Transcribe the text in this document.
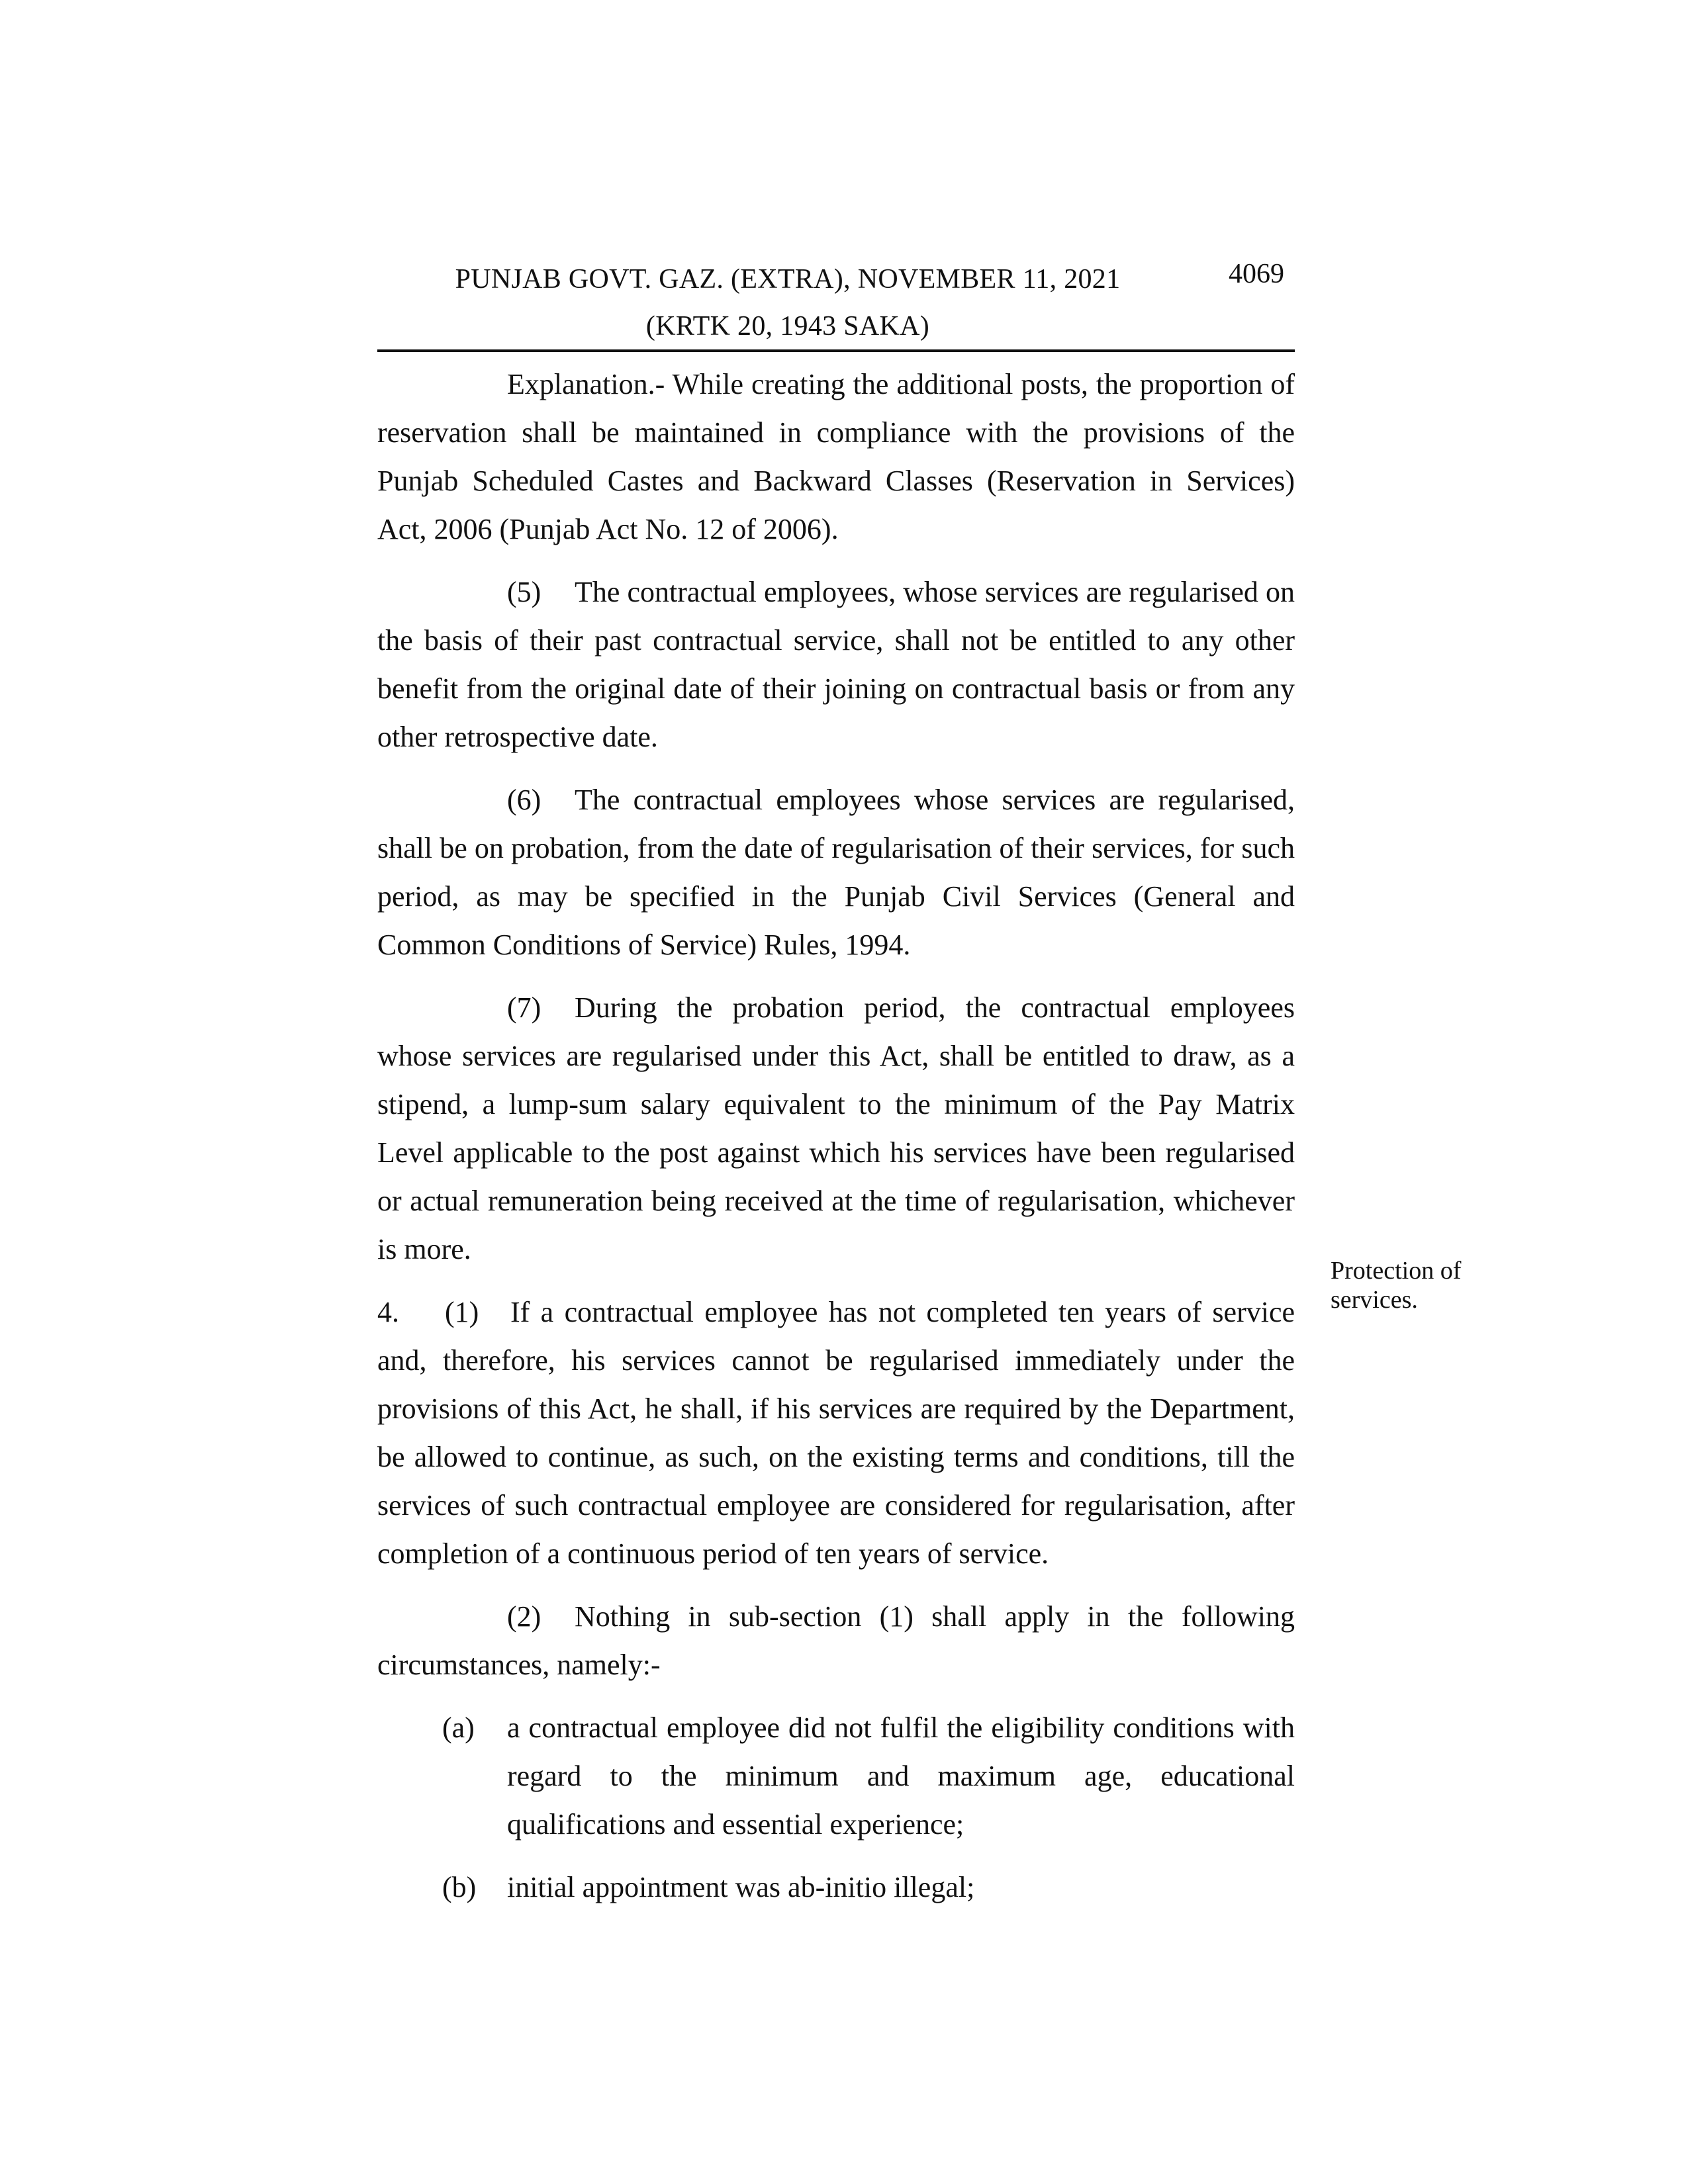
PUNJAB GOVT. GAZ. (EXTRA), NOVEMBER 11, 2021	4069
(KRTK 20, 1943 SAKA)

Explanation.- While creating the additional posts, the proportion of reservation shall be maintained in compliance with the provisions of the Punjab Scheduled Castes and Backward Classes (Reservation in Services) Act, 2006 (Punjab Act No. 12 of 2006).

(5) The contractual employees, whose services are regularised on the basis of their past contractual service, shall not be entitled to any other benefit from the original date of their joining on contractual basis or from any other retrospective date.

(6) The contractual employees whose services are regularised, shall be on probation, from the date of regularisation of their services, for such period, as may be specified in the Punjab Civil Services (General and Common Conditions of Service) Rules, 1994.

(7) During the probation period, the contractual employees whose services are regularised under this Act, shall be entitled to draw, as a stipend, a lump-sum salary equivalent to the minimum of the Pay Matrix Level applicable to the post against which his services have been regularised or actual remuneration being received at the time of regularisation, whichever is more.

4. (1) If a contractual employee has not completed ten years of service and, therefore, his services cannot be regularised immediately under the provisions of this Act, he shall, if his services are required by the Department, be allowed to continue, as such, on the existing terms and conditions, till the services of such contractual employee are considered for regularisation, after completion of a continuous period of ten years of service.

(2) Nothing in sub-section (1) shall apply in the following circumstances, namely:-

(a) a contractual employee did not fulfil the eligibility conditions with regard to the minimum and maximum age, educational qualifications and essential experience;
(b) initial appointment was ab-initio illegal;
Protection of
services.
